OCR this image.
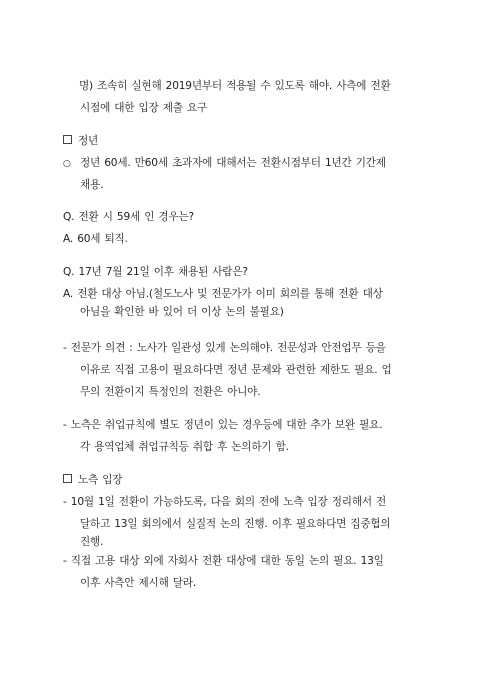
명) 조속히 실현해 2019년부터 적용될 수 있도록 해야. 사측에 전환
시점에 대한 입장 제출 요구
정년
○ 정년 60세. 만60세 초과자에 대해서는 전환시점부터 1년간 기간제
채용.
Q. 전환 시 59세 인 경우는?
A. 60세 퇴직.
Q. 17년 7월 21일 이후 채용된 사람은?
A. 전환 대상 아님.(철도노사 및 전문가가 이미 회의를 통해 전환 대상
아님을 확인한 바 있어 더 이상 논의 불필요)
- 전문가 의견 : 노사가 일관성 있게 논의해야. 전문성과 안전업무 등을
이유로 직접 고용이 필요하다면 정년 문제와 관련한 제한도 필요. 업
무의 전환이지 특정인의 전환은 아니야.
- 노측은 취업규칙에 별도 정년이 있는 경우등에 대한 추가 보완 필요.
각 용역업체 취업규칙등 취합 후 논의하기 함.
노측 입장
- 10월 1일 전환이 가능하도록, 다음 회의 전에 노측 입장 정리해서 전
달하고 13일 회의에서 실질적 논의 진행. 이후 필요하다면 집중협의
진행.
- 직접 고용 대상 외에 자회사 전환 대상에 대한 동일 논의 필요. 13일
이후 사측안 제시해 달라.
